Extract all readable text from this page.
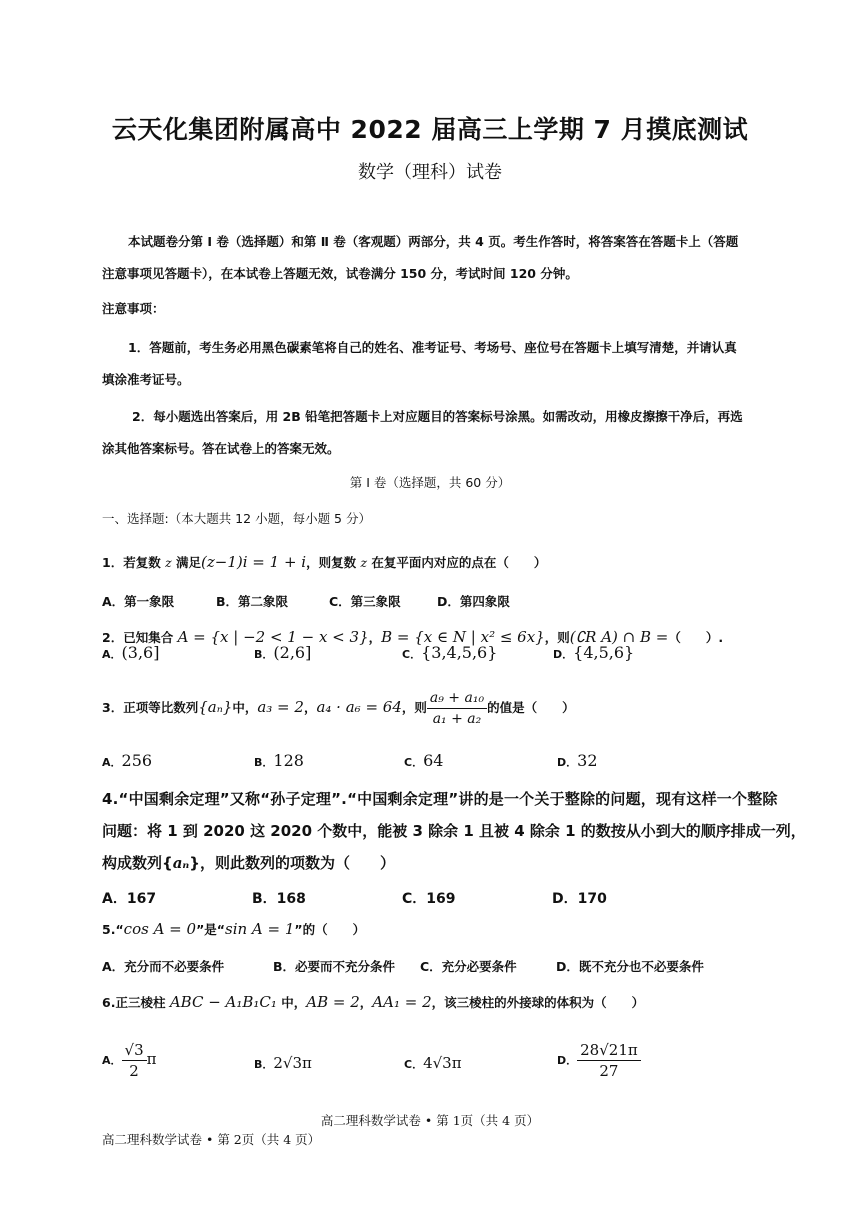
云天化集团附属高中 2022 届高三上学期 7 月摸底测试
数学（理科）试卷
本试题卷分第 Ⅰ 卷（选择题）和第 Ⅱ 卷（客观题）两部分，共 4 页。考生作答时，将答案答在答题卡上（答题
注意事项见答题卡），在本试卷上答题无效，试卷满分 150 分，考试时间 120 分钟。
注意事项：
1．答题前，考生务必用黑色碳素笔将自己的姓名、准考证号、考场号、座位号在答题卡上填写清楚，并请认真
填涂准考证号。
2．每小题选出答案后，用 2B 铅笔把答题卡上对应题目的答案标号涂黑。如需改动，用橡皮擦擦干净后，再选
涂其他答案标号。答在试卷上的答案无效。
第 Ⅰ 卷（选择题，共 60 分）
一、选择题:（本大题共 12 小题，每小题 5 分）
1．若复数 z 满足(z−1)i = 1 + i，则复数 z 在复平面内对应的点在（　　）
A．第一象限	B．第二象限	C．第三象限	D．第四象限
2．已知集合 A = {x | −2 < 1 − x < 3}，B = {x ∈ N | x² ≤ 6x}，则(∁R A) ∩ B =（　　）.
A．(3,6]	B．(2,6]	C．{3,4,5,6}	D．{4,5,6}
3．正项等比数列{aₙ}中，a₃ = 2，a₄ · a₆ = 64，则 $\frac{\text{a₉ + a₁₀}}{\text{a₁ + a₂}}$ 的值是（　　）
A．256	B．128	C．64	D．32
4.“中国剩余定理”又称“孙子定理”.“中国剩余定理”讲的是一个关于整除的问题，现有这样一个整除
问题：将 1 到 2020 这 2020 个数中，能被 3 除余 1 且被 4 除余 1 的数按从小到大的顺序排成一列，
构成数列{aₙ}，则此数列的项数为（　　）
A．167	B．168	C．169	D．170
5.“cos A = 0”是“sin A = 1”的（　　）
A．充分而不必要条件	B．必要而不充分条件 C．充分必要条件	D．既不充分也不必要条件
6.正三棱柱 ABC − A₁B₁C₁ 中，AB = 2，AA₁ = 2，该三棱柱的外接球的体积为（　　）
A． $\frac{√3}{2}$ π	B．2√3π	C．4√3π	D． $\frac{28√21\pi}{27}$
高二理科数学试卷 • 第 1页（共 4 页）
高二理科数学试卷 • 第 2页（共 4 页）
